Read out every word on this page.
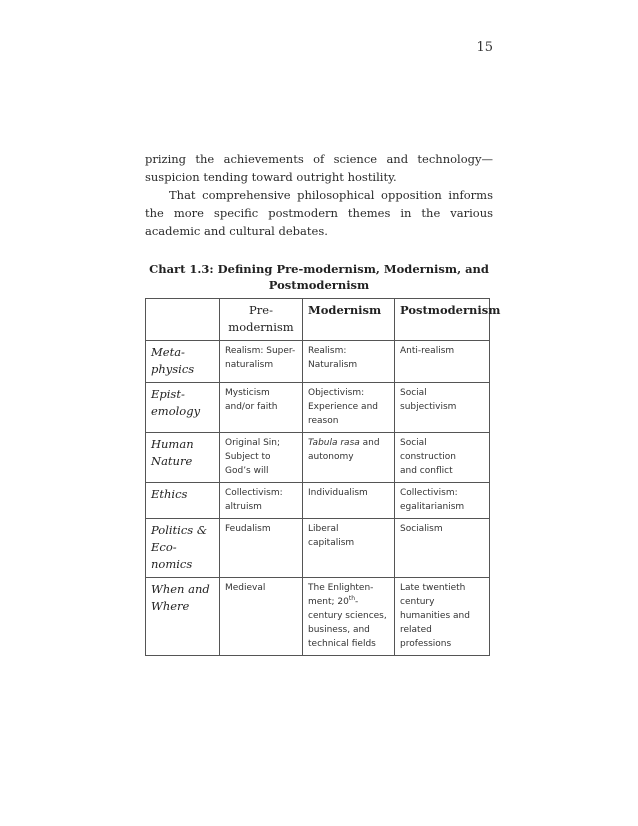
15

prizing the achievements of science and technology—suspicion tending toward outright hostility.

That comprehensive philosophical opposition informs the more specific postmodern themes in the various academic and cultural debates.

Chart 1.3: Defining Pre-modernism, Modernism, and
Postmodernism
	Pre-
modernism	Modernism	Postmodernism
Meta-
physics	Realism: Super-
naturalism	Realism:
Naturalism	Anti-realism
Epist-
emology	Mysticism
and/or faith	Objectivism:
Experience and
reason	Social subjectivism
Human
Nature	Original Sin;
Subject to
God’s will	Tabula rasa and
autonomy	Social construction
and conflict
Ethics	Collectivism:
altruism	Individualism	Collectivism:
egalitarianism
Politics &
Eco-
nomics	Feudalism	Liberal
capitalism	Socialism
When and
Where	Medieval	The Enlighten-
ment; 20th-
century sciences,
business, and
technical fields	Late twentieth
century
humanities and
related
professions
